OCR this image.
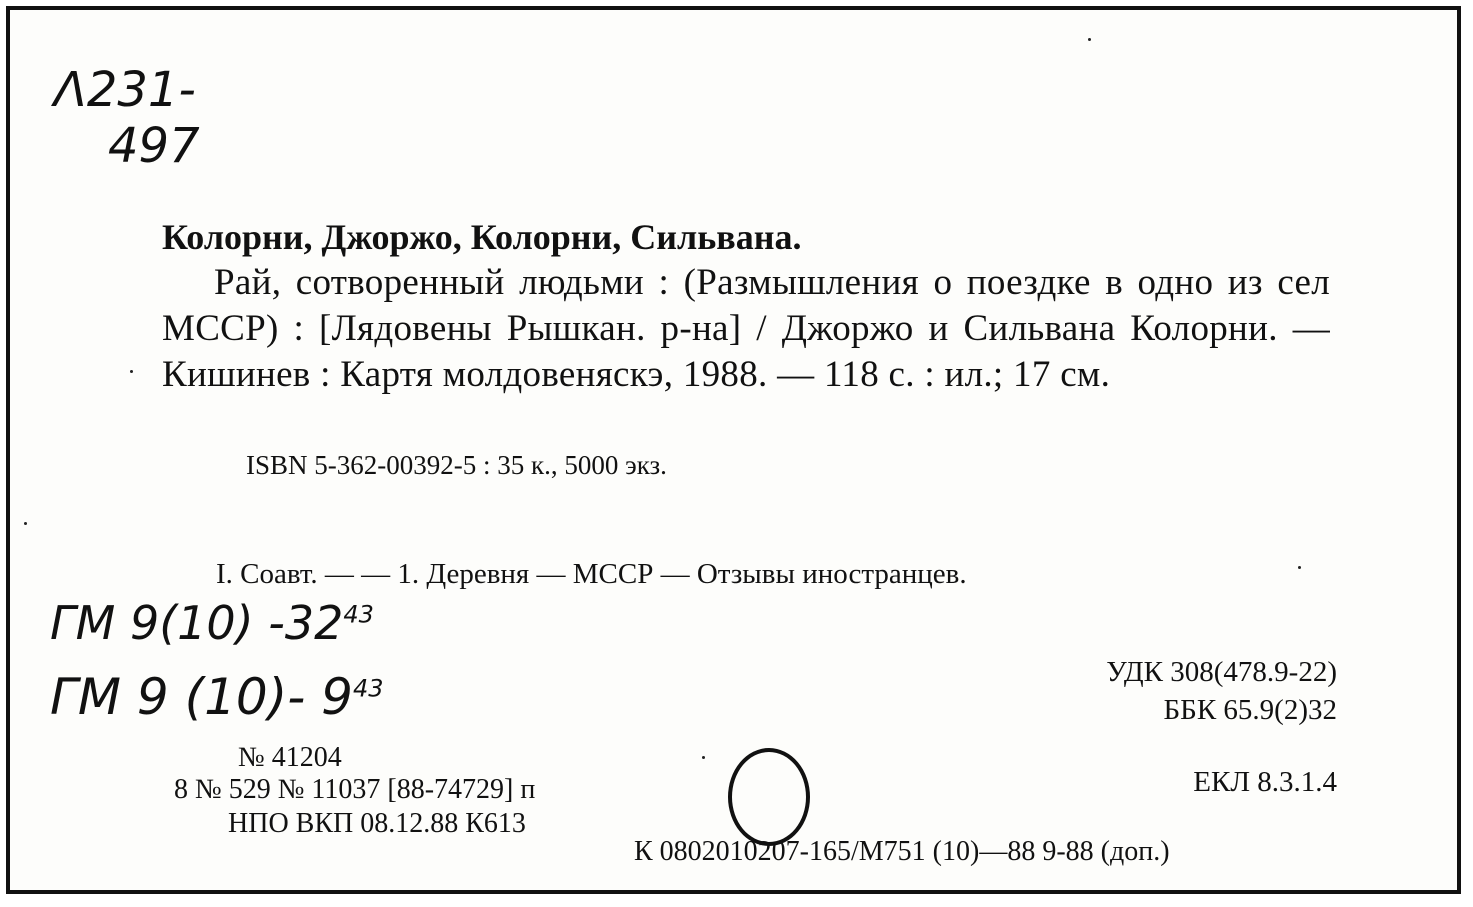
Λ231-
497
Колорни, Джоржо, Колорни, Сильвана.
Рай, сотворенный людьми : (Размышления о поездке в одно из сел МССР) : [Лядовены Рышкан. р-на] / Джоржо и Сильвана Колорни. — Кишинев : Картя молдовеняскэ, 1988. — 118 с. : ил.; 17 см.
ISBN 5-362-00392-5 : 35 к., 5000 экз.
I. Соавт. — — 1. Деревня — МССР — Отзывы иностранцев.
ГМ 9(10) $-32^{43}$
ГМ 9 (10)- $9^{43}$
УДК 308(478.9-22)
ББК 65.9(2)32
ЕКЛ 8.3.1.4
№ 41204
8 № 529 № 11037 [88-74729] п
НПО ВКП 08.12.88 К613
К 0802010207-165/М751 (10)—88 9-88 (доп.)
